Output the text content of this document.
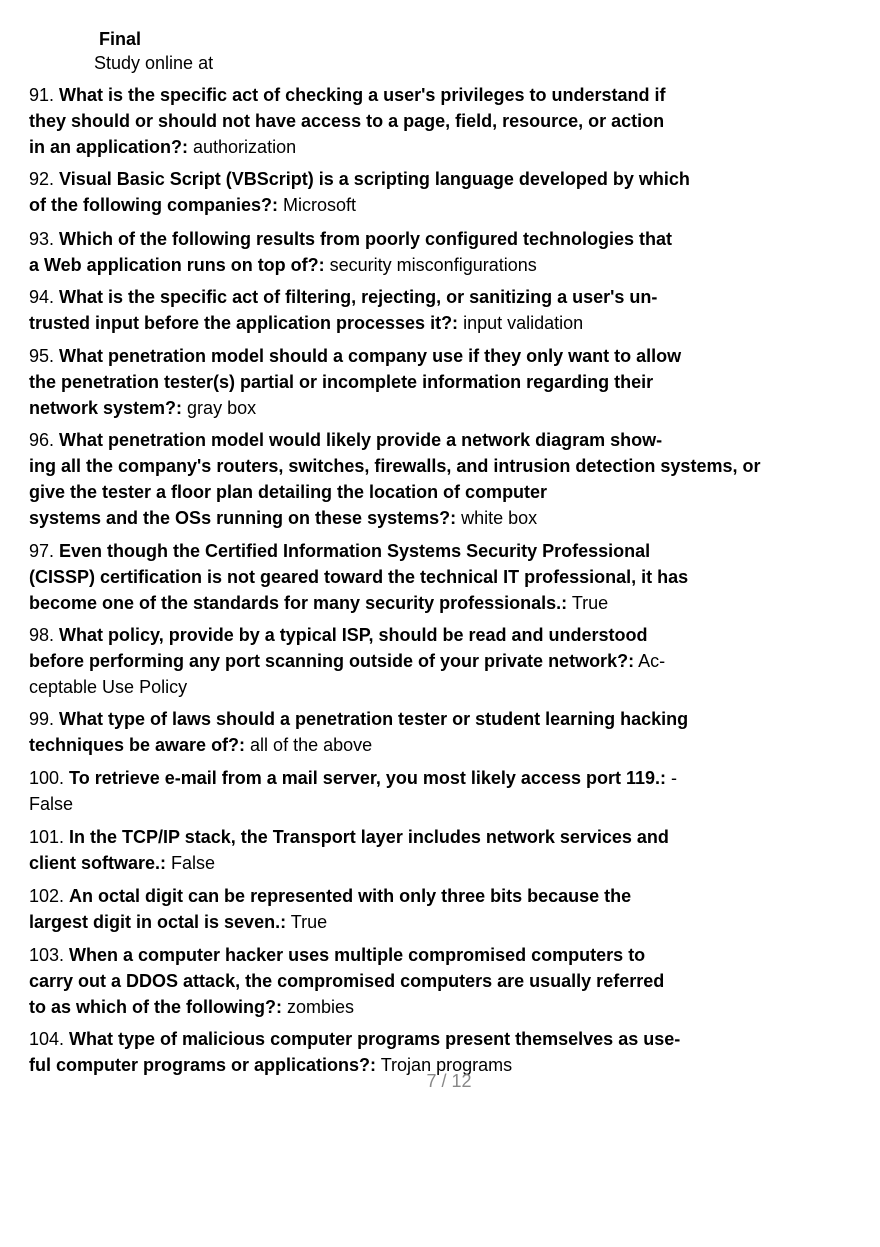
Final
Study online at
91. What is the specific act of checking a user's privileges to understand if
they should or should not have access to a page, field, resource, or action
in an application?: authorization
92. Visual Basic Script (VBScript) is a scripting language developed by which
of the following companies?: Microsoft
93. Which of the following results from poorly configured technologies that
a Web application runs on top of?: security misconfigurations
94. What is the specific act of filtering, rejecting, or sanitizing a user's un-
trusted input before the application processes it?: input validation
95. What penetration model should a company use if they only want to allow
the penetration tester(s) partial or incomplete information regarding their
network system?: gray box
96. What penetration model would likely provide a network diagram show-
ing all the company's routers, switches, firewalls, and intrusion detection systems, or
give the tester a floor plan detailing the location of computer
systems and the OSs running on these systems?: white box
97. Even though the Certified Information Systems Security Professional
(CISSP) certification is not geared toward the technical IT professional, it has
become one of the standards for many security professionals.: True
98. What policy, provide by a typical ISP, should be read and understood
before performing any port scanning outside of your private network?: Ac-
ceptable Use Policy
99. What type of laws should a penetration tester or student learning hacking
techniques be aware of?: all of the above
100. To retrieve e-mail from a mail server, you most likely access port 119.: -
False
101. In the TCP/IP stack, the Transport layer includes network services and
client software.: False
102. An octal digit can be represented with only three bits because the
largest digit in octal is seven.: True
103. When a computer hacker uses multiple compromised computers to
carry out a DDOS attack, the compromised computers are usually referred
to as which of the following?: zombies
104. What type of malicious computer programs present themselves as use-
ful computer programs or applications?: Trojan programs
7 / 12
